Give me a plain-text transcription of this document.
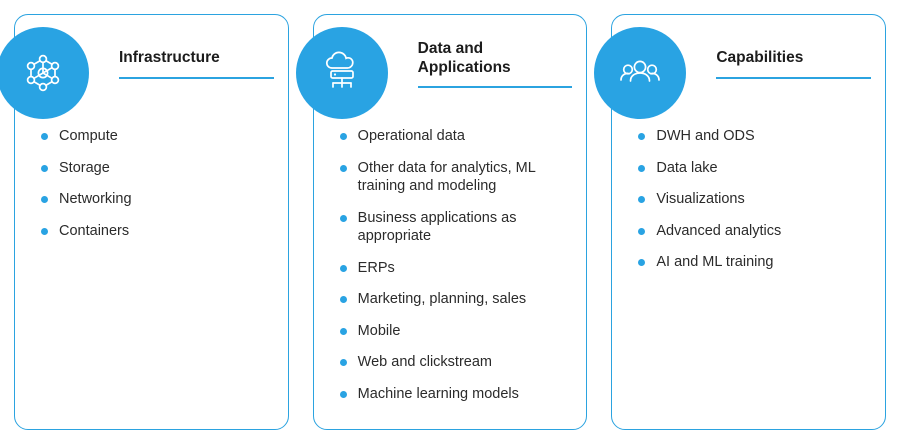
Infrastructure
Compute
Storage
Networking
Containers
Data and Applications
Operational data
Other data for analytics, ML training and modeling
Business applications as appropriate
ERPs
Marketing, planning, sales
Mobile
Web and clickstream
Machine learning models
Capabilities
DWH and ODS
Data lake
Visualizations
Advanced analytics
AI and ML training
